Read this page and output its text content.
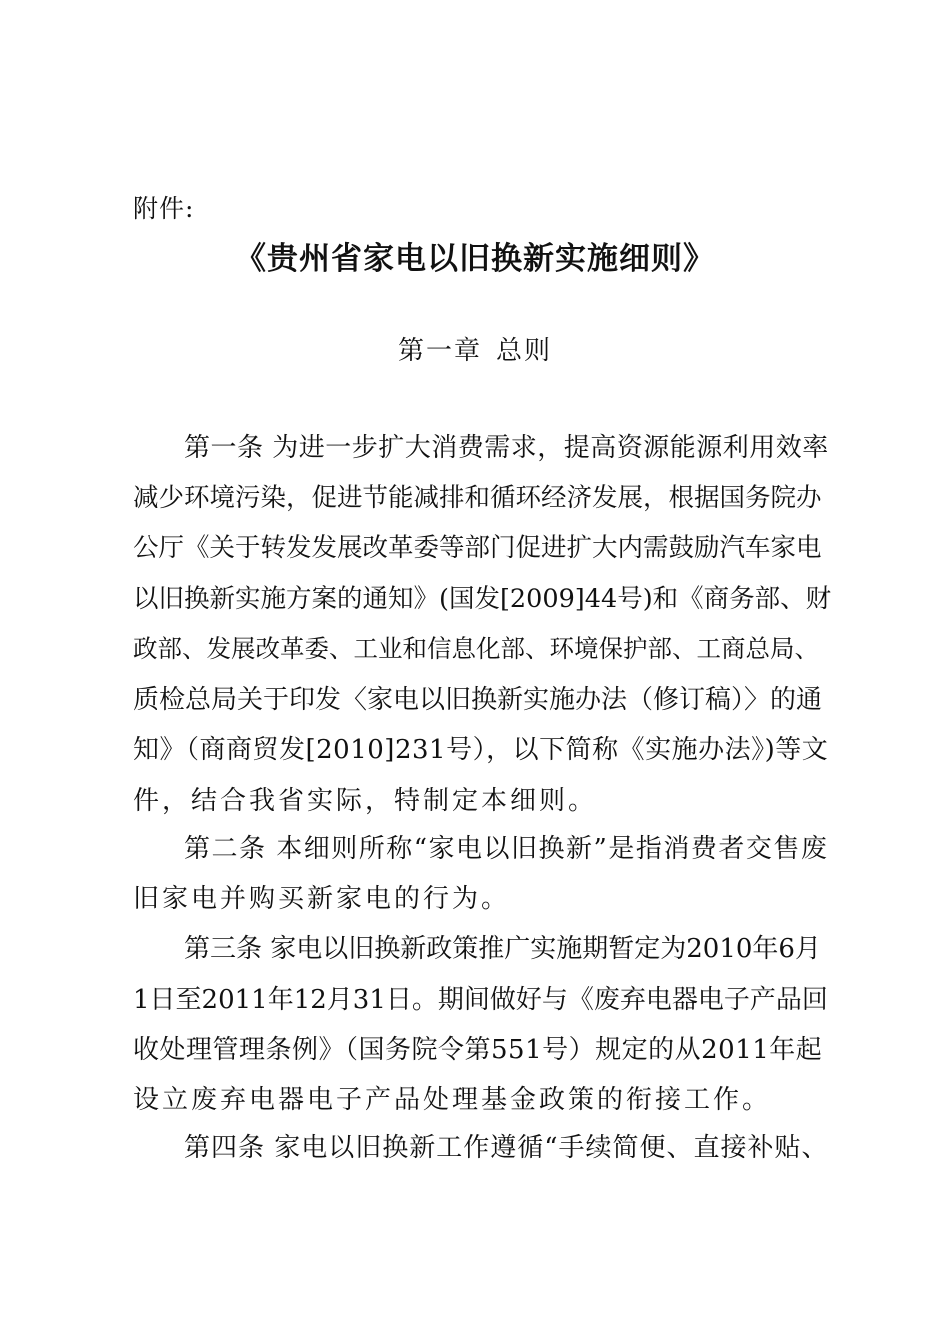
附件:
《贵州省家电以旧换新实施细则》
第一章 总则
第一条 为进一步扩大消费需求，提高资源能源利用效率
减少环境污染，促进节能减排和循环经济发展，根据国务院办
公厅《关于转发发展改革委等部门促进扩大内需鼓励汽车家电
以旧换新实施方案的通知》(国发[2009]44号)和《商务部、财
政部、发展改革委、工业和信息化部、环境保护部、工商总局、
质检总局关于印发〈家电以旧换新实施办法（修订稿）〉的通
知》（商商贸发[2010]231号），以下简称《实施办法》)等文
件，结合我省实际，特制定本细则。
第二条 本细则所称“家电以旧换新”是指消费者交售废
旧家电并购买新家电的行为。
第三条 家电以旧换新政策推广实施期暂定为2010年6月
1日至2011年12月31日。期间做好与《废弃电器电子产品回
收处理管理条例》（国务院令第551号）规定的从2011年起
设立废弃电器电子产品处理基金政策的衔接工作。
第四条 家电以旧换新工作遵循“手续简便、直接补贴、
